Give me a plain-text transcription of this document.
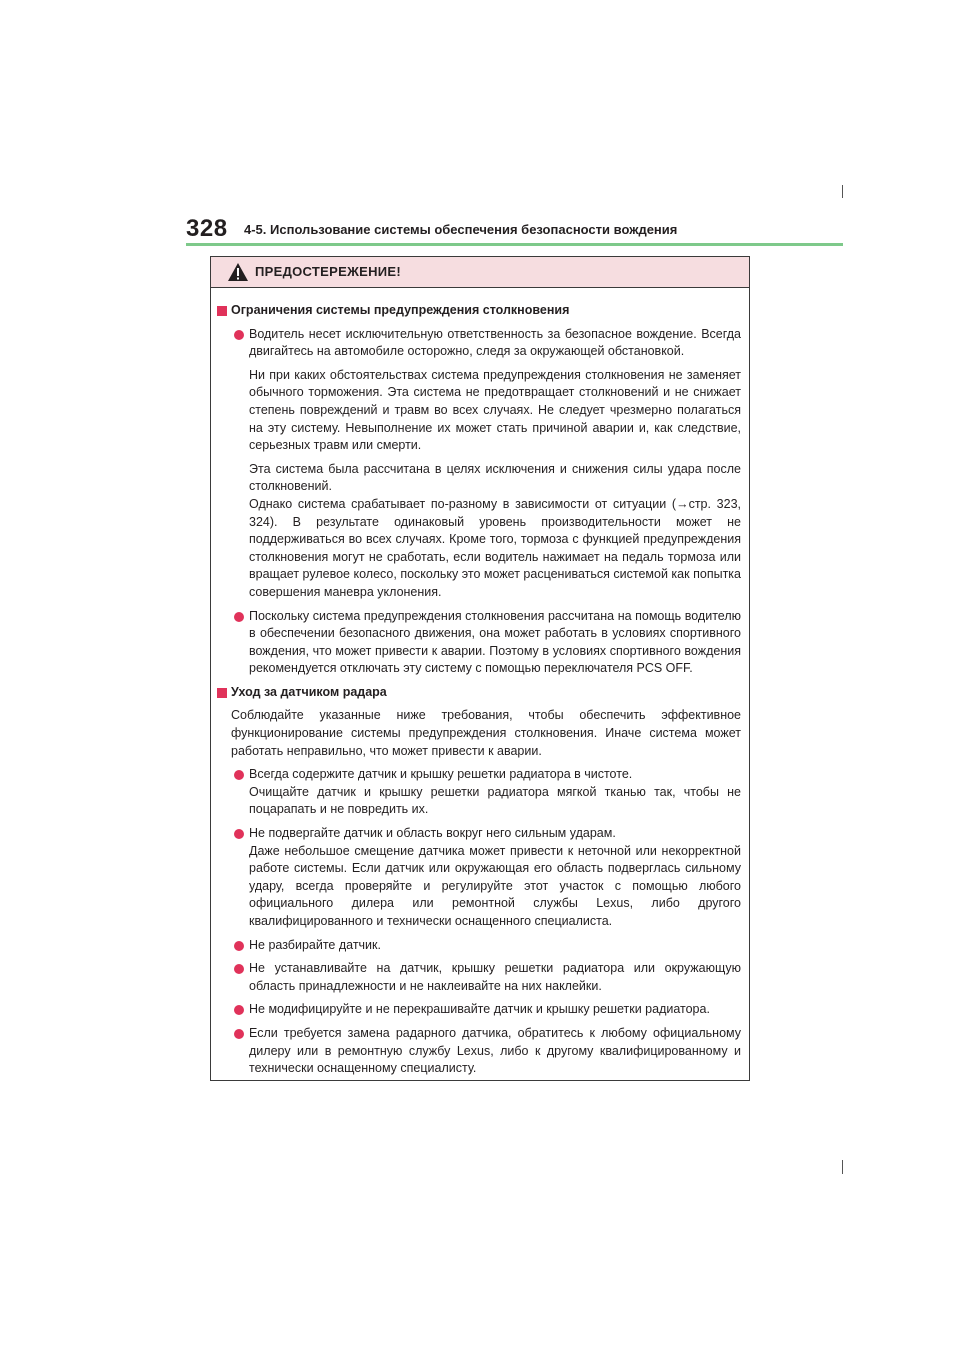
328 4-5. Использование системы обеспечения безопасности вождения
ПРЕДОСТЕРЕЖЕНИЕ!
Ограничения системы предупреждения столкновения

Водитель несет исключительную ответственность за безопасное вождение. Всегда двигайтесь на автомобиле осторожно, следя за окружающей обстановкой.

Ни при каких обстоятельствах система предупреждения столкновения не заменяет обычного торможения. Эта система не предотвращает столкновений и не снижает степень повреждений и травм во всех случаях. Не следует чрезмерно полагаться на эту систему. Невыполнение их может стать причиной аварии и, как следствие, серьезных травм или смерти.

Эта система была рассчитана в целях исключения и снижения силы удара после столкновений.

Однако система срабатывает по-разному в зависимости от ситуации (→стр. 323, 324). В результате одинаковый уровень производительности может не поддерживаться во всех случаях. Кроме того, тормоза с функцией предупреждения столкновения могут не сработать, если водитель нажимает на педаль тормоза или вращает рулевое колесо, поскольку это может расцениваться системой как попытка совершения маневра уклонения.

Поскольку система предупреждения столкновения рассчитана на помощь водителю в обеспечении безопасного движения, она может работать в условиях спортивного вождения, что может привести к аварии. Поэтому в условиях спортивного вождения рекомендуется отключать эту систему с помощью переключателя PCS OFF.

Уход за датчиком радара

Соблюдайте указанные ниже требования, чтобы обеспечить эффективное функционирование системы предупреждения столкновения. Иначе система может работать неправильно, что может привести к аварии.

Всегда содержите датчик и крышку решетки радиатора в чистоте.

Очищайте датчик и крышку решетки радиатора мягкой тканью так, чтобы не поцарапать и не повредить их.

Не подвергайте датчик и область вокруг него сильным ударам.

Даже небольшое смещение датчика может привести к неточной или некорректной работе системы. Если датчик или окружающая его область подверглась сильному удару, всегда проверяйте и регулируйте этот участок с помощью любого официального дилера или ремонтной службы Lexus, либо другого квалифицированного и технически оснащенного специалиста.

Не разбирайте датчик.

Не устанавливайте на датчик, крышку решетки радиатора или окружающую область принадлежности и не наклеивайте на них наклейки.

Не модифицируйте и не перекрашивайте датчик и крышку решетки радиатора.

Если требуется замена радарного датчика, обратитесь к любому официальному дилеру или в ремонтную службу Lexus, либо к другому квалифицированному и технически оснащенному специалисту.
